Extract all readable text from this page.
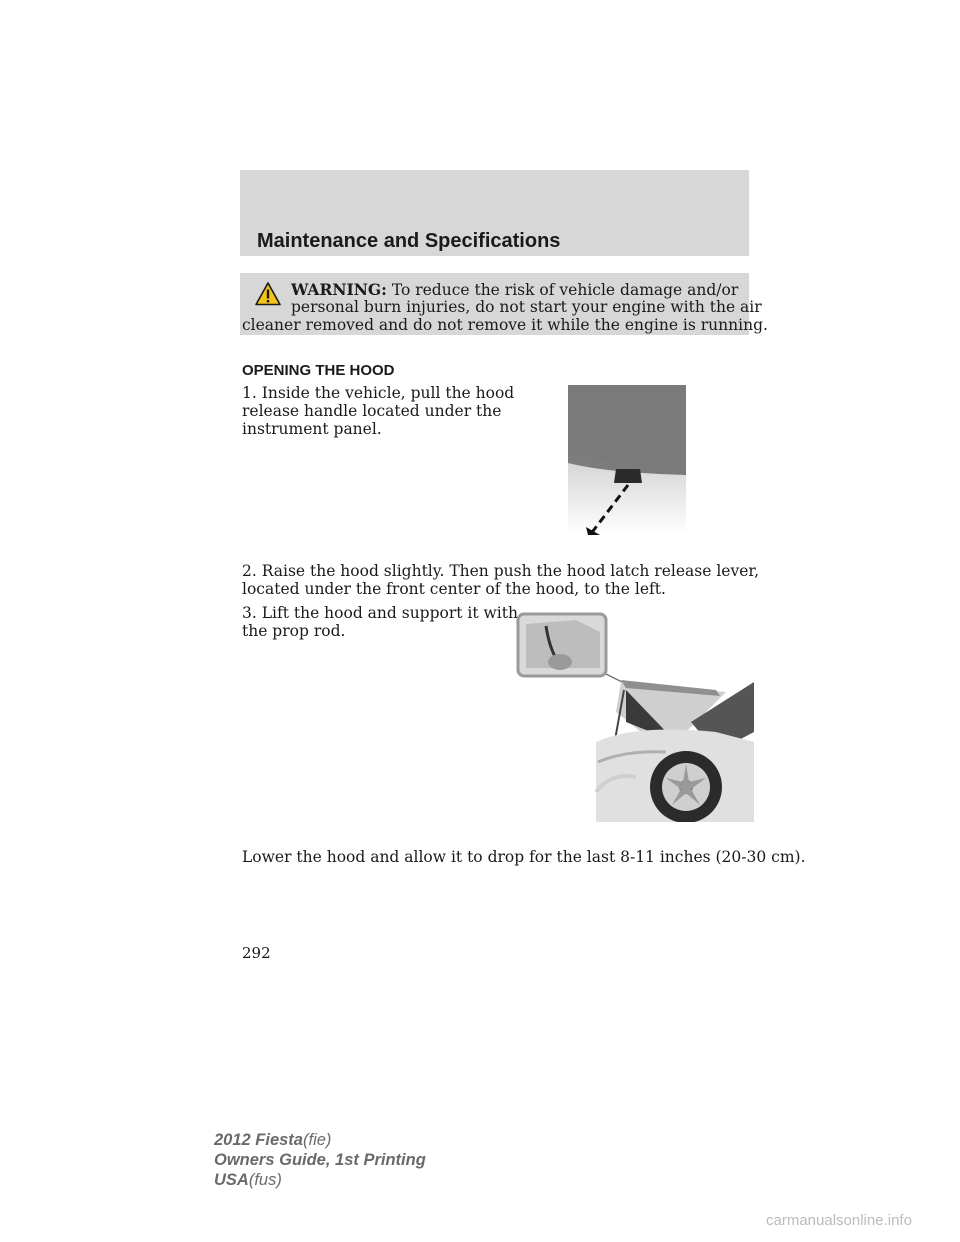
Maintenance and Specifications
WARNING: To reduce the risk of vehicle damage and/or
personal burn injuries, do not start your engine with the air
cleaner removed and do not remove it while the engine is running.
OPENING THE HOOD
1. Inside the vehicle, pull the hood
release handle located under the
instrument panel.
2. Raise the hood slightly. Then push the hood latch release lever,
located under the front center of the hood, to the left.
3. Lift the hood and support it with
the prop rod.
Lower the hood and allow it to drop for the last 8-11 inches (20-30 cm).
292
2012 Fiesta(fie)
Owners Guide, 1st Printing
USA(fus)
carmanualsonline.info
